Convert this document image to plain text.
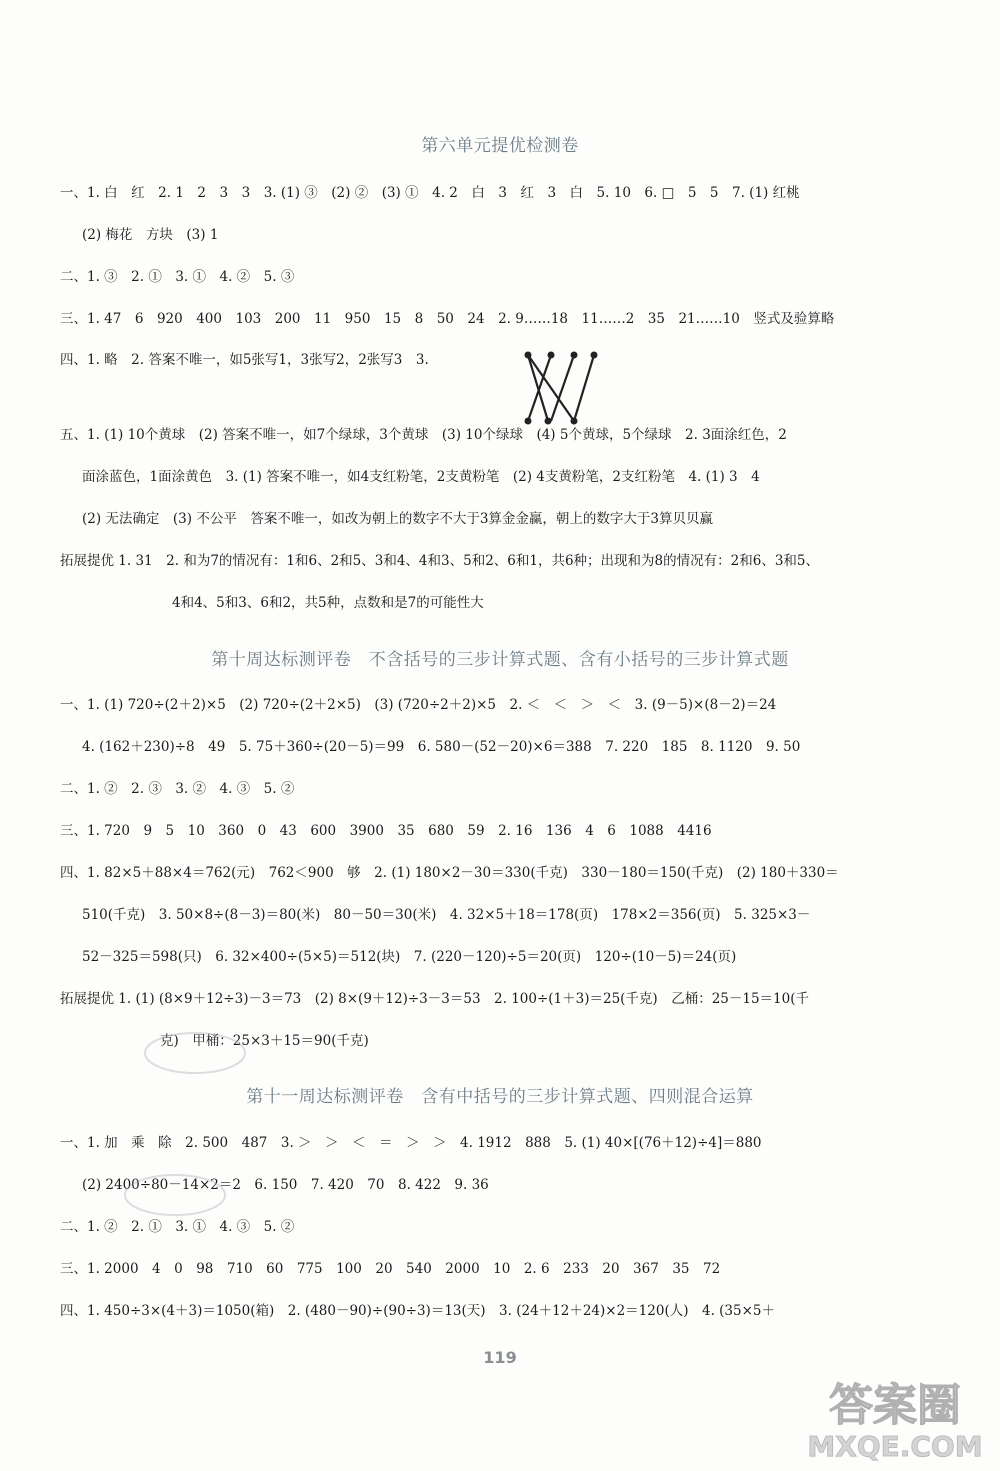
第六单元提优检测卷
一、1. 白　红　2. 1　2　3　3　3. (1) ③　(2) ②　(3) ①　4. 2　白　3　红　3　白　5. 10　6. □　5　5　7. (1) 红桃
(2) 梅花　方块　(3) 1
二、1. ③　2. ①　3. ①　4. ②　5. ③
三、1. 47　6　920　400　103　200　11　950　15　8　50　24　2. 9……18　11……2　35　21……10　竖式及验算略
四、1. 略　2. 答案不唯一，如5张写1，3张写2，2张写3　3.
五、1. (1) 10个黄球　(2) 答案不唯一，如7个绿球，3个黄球　(3) 10个绿球　(4) 5个黄球，5个绿球　2. 3面涂红色，2
面涂蓝色，1面涂黄色　3. (1) 答案不唯一，如4支红粉笔，2支黄粉笔　(2) 4支黄粉笔，2支红粉笔　4. (1) 3　4
(2) 无法确定　(3) 不公平　答案不唯一，如改为朝上的数字不大于3算金金赢，朝上的数字大于3算贝贝赢
拓展提优 1. 31　2. 和为7的情况有：1和6、2和5、3和4、4和3、5和2、6和1，共6种；出现和为8的情况有：2和6、3和5、
4和4、5和3、6和2，共5种，点数和是7的可能性大
第十周达标测评卷　不含括号的三步计算式题、含有小括号的三步计算式题
一、1. (1) 720÷(2＋2)×5　(2) 720÷(2＋2×5)　(3) (720÷2＋2)×5　2. ＜　＜　＞　＜　3. (9－5)×(8－2)＝24
4. (162＋230)÷8　49　5. 75＋360÷(20－5)＝99　6. 580－(52－20)×6＝388　7. 220　185　8. 1120　9. 50
二、1. ②　2. ③　3. ②　4. ③　5. ②
三、1. 720　9　5　10　360　0　43　600　3900　35　680　59　2. 16　136　4　6　1088　4416
四、1. 82×5＋88×4＝762(元)　762＜900　够　2. (1) 180×2－30＝330(千克)　330－180＝150(千克)　(2) 180＋330＝
510(千克)　3. 50×8÷(8－3)＝80(米)　80－50＝30(米)　4. 32×5＋18＝178(页)　178×2＝356(页)　5. 325×3－
52－325＝598(只)　6. 32×400÷(5×5)＝512(块)　7. (220－120)÷5＝20(页)　120÷(10－5)＝24(页)
拓展提优 1. (1) (8×9＋12÷3)－3＝73　(2) 8×(9＋12)÷3－3＝53　2. 100÷(1＋3)＝25(千克)　乙桶：25－15＝10(千
克)　甲桶：25×3＋15＝90(千克)
第十一周达标测评卷　含有中括号的三步计算式题、四则混合运算
一、1. 加　乘　除　2. 500　487　3. ＞　＞　＜　＝　＞　＞　4. 1912　888　5. (1) 40×[(76＋12)÷4]＝880
(2) 2400÷80－14×2＝2　6. 150　7. 420　70　8. 422　9. 36
二、1. ②　2. ①　3. ①　4. ③　5. ②
三、1. 2000　4　0　98　710　60　775　100　20　540　2000　10　2. 6　233　20　367　35　72
四、1. 450÷3×(4＋3)＝1050(箱)　2. (480－90)÷(90÷3)＝13(天)　3. (24＋12＋24)×2＝120(人)　4. (35×5＋
119
答案圈
MXQE.COM
